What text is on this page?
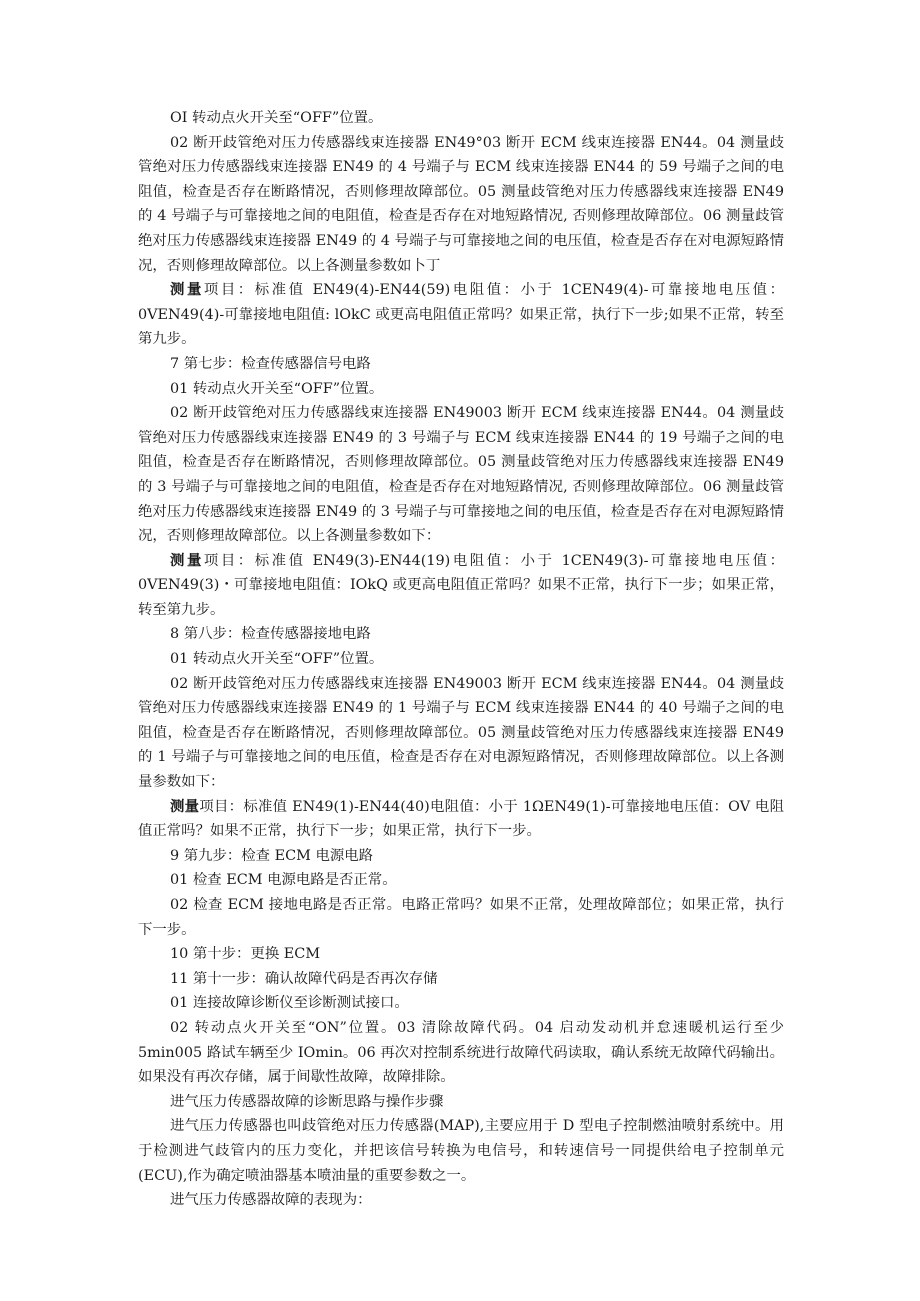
OI 转动点火开关至“OFF”位置。

02 断开歧管绝对压力传感器线束连接器 EN49°03 断开 ECM 线束连接器 EN44。04 测量歧管绝对压力传感器线束连接器 EN49 的 4 号端子与 ECM 线束连接器 EN44 的 59 号端子之间的电阻值，检查是否存在断路情况，否则修理故障部位。05 测量歧管绝对压力传感器线束连接器 EN49 的 4 号端子与可靠接地之间的电阻值，检查是否存在对地短路情况, 否则修理故障部位。06 测量歧管绝对压力传感器线束连接器 EN49 的 4 号端子与可靠接地之间的电压值，检查是否存在对电源短路情况，否则修理故障部位。以上各测量参数如卜丁

测量项目：标准值 EN49(4)-EN44(59)电阻值：小于 1CEN49(4)-可靠接地电压值：0VEN49(4)-可靠接地电阻值: lOkC 或更高电阻值正常吗？如果正常，执行下一步;如果不正常，转至第九步。

7 第七步：检查传感器信号电路

01 转动点火开关至“OFF”位置。

02 断开歧管绝对压力传感器线束连接器 EN49003 断开 ECM 线束连接器 EN44。04 测量歧管绝对压力传感器线束连接器 EN49 的 3 号端子与 ECM 线束连接器 EN44 的 19 号端子之间的电阻值，检查是否存在断路情况，否则修理故障部位。05 测量歧管绝对压力传感器线束连接器 EN49 的 3 号端子与可靠接地之间的电阻值，检查是否存在对地短路情况, 否则修理故障部位。06 测量歧管绝对压力传感器线束连接器 EN49 的 3 号端子与可靠接地之间的电压值，检查是否存在对电源短路情况，否则修理故障部位。以上各测量参数如下：

测量项目：标准值 EN49(3)-EN44(19)电阻值：小于 1CEN49(3)-可靠接地电压值：0VEN49(3)・可靠接地电阻值：IOkQ 或更高电阻值正常吗？如果不正常，执行下一步；如果正常，转至第九步。

8 第八步：检查传感器接地电路

01 转动点火开关至“OFF”位置。

02 断开歧管绝对压力传感器线束连接器 EN49003 断开 ECM 线束连接器 EN44。04 测量歧管绝对压力传感器线束连接器 EN49 的 1 号端子与 ECM 线束连接器 EN44 的 40 号端子之间的电阻值，检查是否存在断路情况，否则修理故障部位。05 测量歧管绝对压力传感器线束连接器 EN49 的 1 号端子与可靠接地之间的电压值，检查是否存在对电源短路情况，否则修理故障部位。以上各测量参数如下：

测量项目：标准值 EN49(1)-EN44(40)电阻值：小于 1ΩEN49(1)-可靠接地电压值：OV 电阻值正常吗？如果不正常，执行下一步；如果正常，执行下一步。

9 第九步：检查 ECM 电源电路

01 检查 ECM 电源电路是否正常。

02 检查 ECM 接地电路是否正常。电路正常吗？如果不正常，处理故障部位；如果正常，执行下一步。

10 第十步：更换 ECM

11 第十一步：确认故障代码是否再次存储

01 连接故障诊断仪至诊断测试接口。

02 转动点火开关至“ON”位置。03 清除故障代码。04 启动发动机并怠速暖机运行至少 5min005 路试车辆至少 IOmin。06 再次对控制系统进行故障代码读取，确认系统无故障代码输出。如果没有再次存储，属于间歇性故障，故障排除。

进气压力传感器故障的诊断思路与操作步骤

进气压力传感器也叫歧管绝对压力传感器(MAP),主要应用于 D 型电子控制燃油喷射系统中。用于检测进气歧管内的压力变化，并把该信号转换为电信号，和转速信号一同提供给电子控制单元(ECU),作为确定喷油器基本喷油量的重要参数之一。

进气压力传感器故障的表现为：
